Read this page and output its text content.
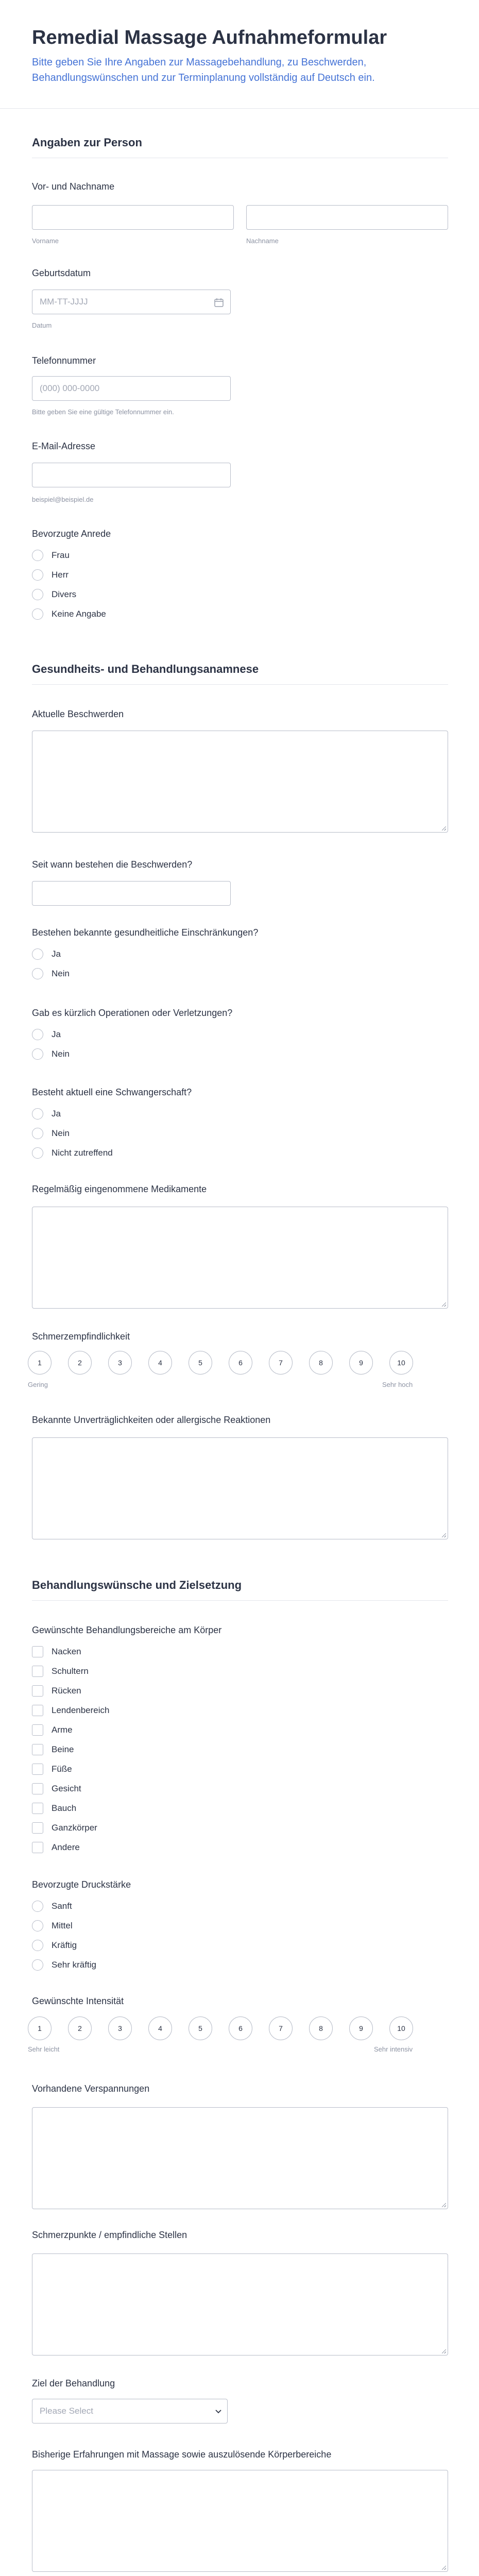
Remedial Massage Aufnahmeformular

Bitte geben Sie Ihre Angaben zur Massagebehandlung, zu Beschwerden, Behandlungswünschen und zur Terminplanung vollständig auf Deutsch ein.

Angaben zur Person
Vor- und Nachname
Vorname	Nachname
Geburtsdatum
MM-TT-JJJJ
Datum
Telefonnummer
(000) 000-0000
Bitte geben Sie eine gültige Telefonnummer ein.
E-Mail-Adresse
beispiel@beispiel.de
Bevorzugte Anrede
Frau
Herr
Divers
Keine Angabe
Gesundheits- und Behandlungsanamnese
Aktuelle Beschwerden
Seit wann bestehen die Beschwerden?
Bestehen bekannte gesundheitliche Einschränkungen?
Ja
Nein
Gab es kürzlich Operationen oder Verletzungen?
Ja
Nein
Besteht aktuell eine Schwangerschaft?
Ja
Nein
Nicht zutreffend
Regelmäßig eingenommene Medikamente
Schmerzempfindlichkeit
1	2	3	4	5	6	7	8	9	10
Gering	Sehr hoch
Bekannte Unverträglichkeiten oder allergische Reaktionen
Behandlungswünsche und Zielsetzung
Gewünschte Behandlungsbereiche am Körper
Nacken
Schultern
Rücken
Lendenbereich
Arme
Beine
Füße
Gesicht
Bauch
Ganzkörper
Andere
Bevorzugte Druckstärke
Sanft
Mittel
Kräftig
Sehr kräftig
Gewünschte Intensität
1	2	3	4	5	6	7	8	9	10
Sehr leicht	Sehr intensiv
Vorhandene Verspannungen
Schmerzpunkte / empfindliche Stellen
Ziel der Behandlung
Please Select
Bisherige Erfahrungen mit Massage sowie auszulösende Körperbereiche
